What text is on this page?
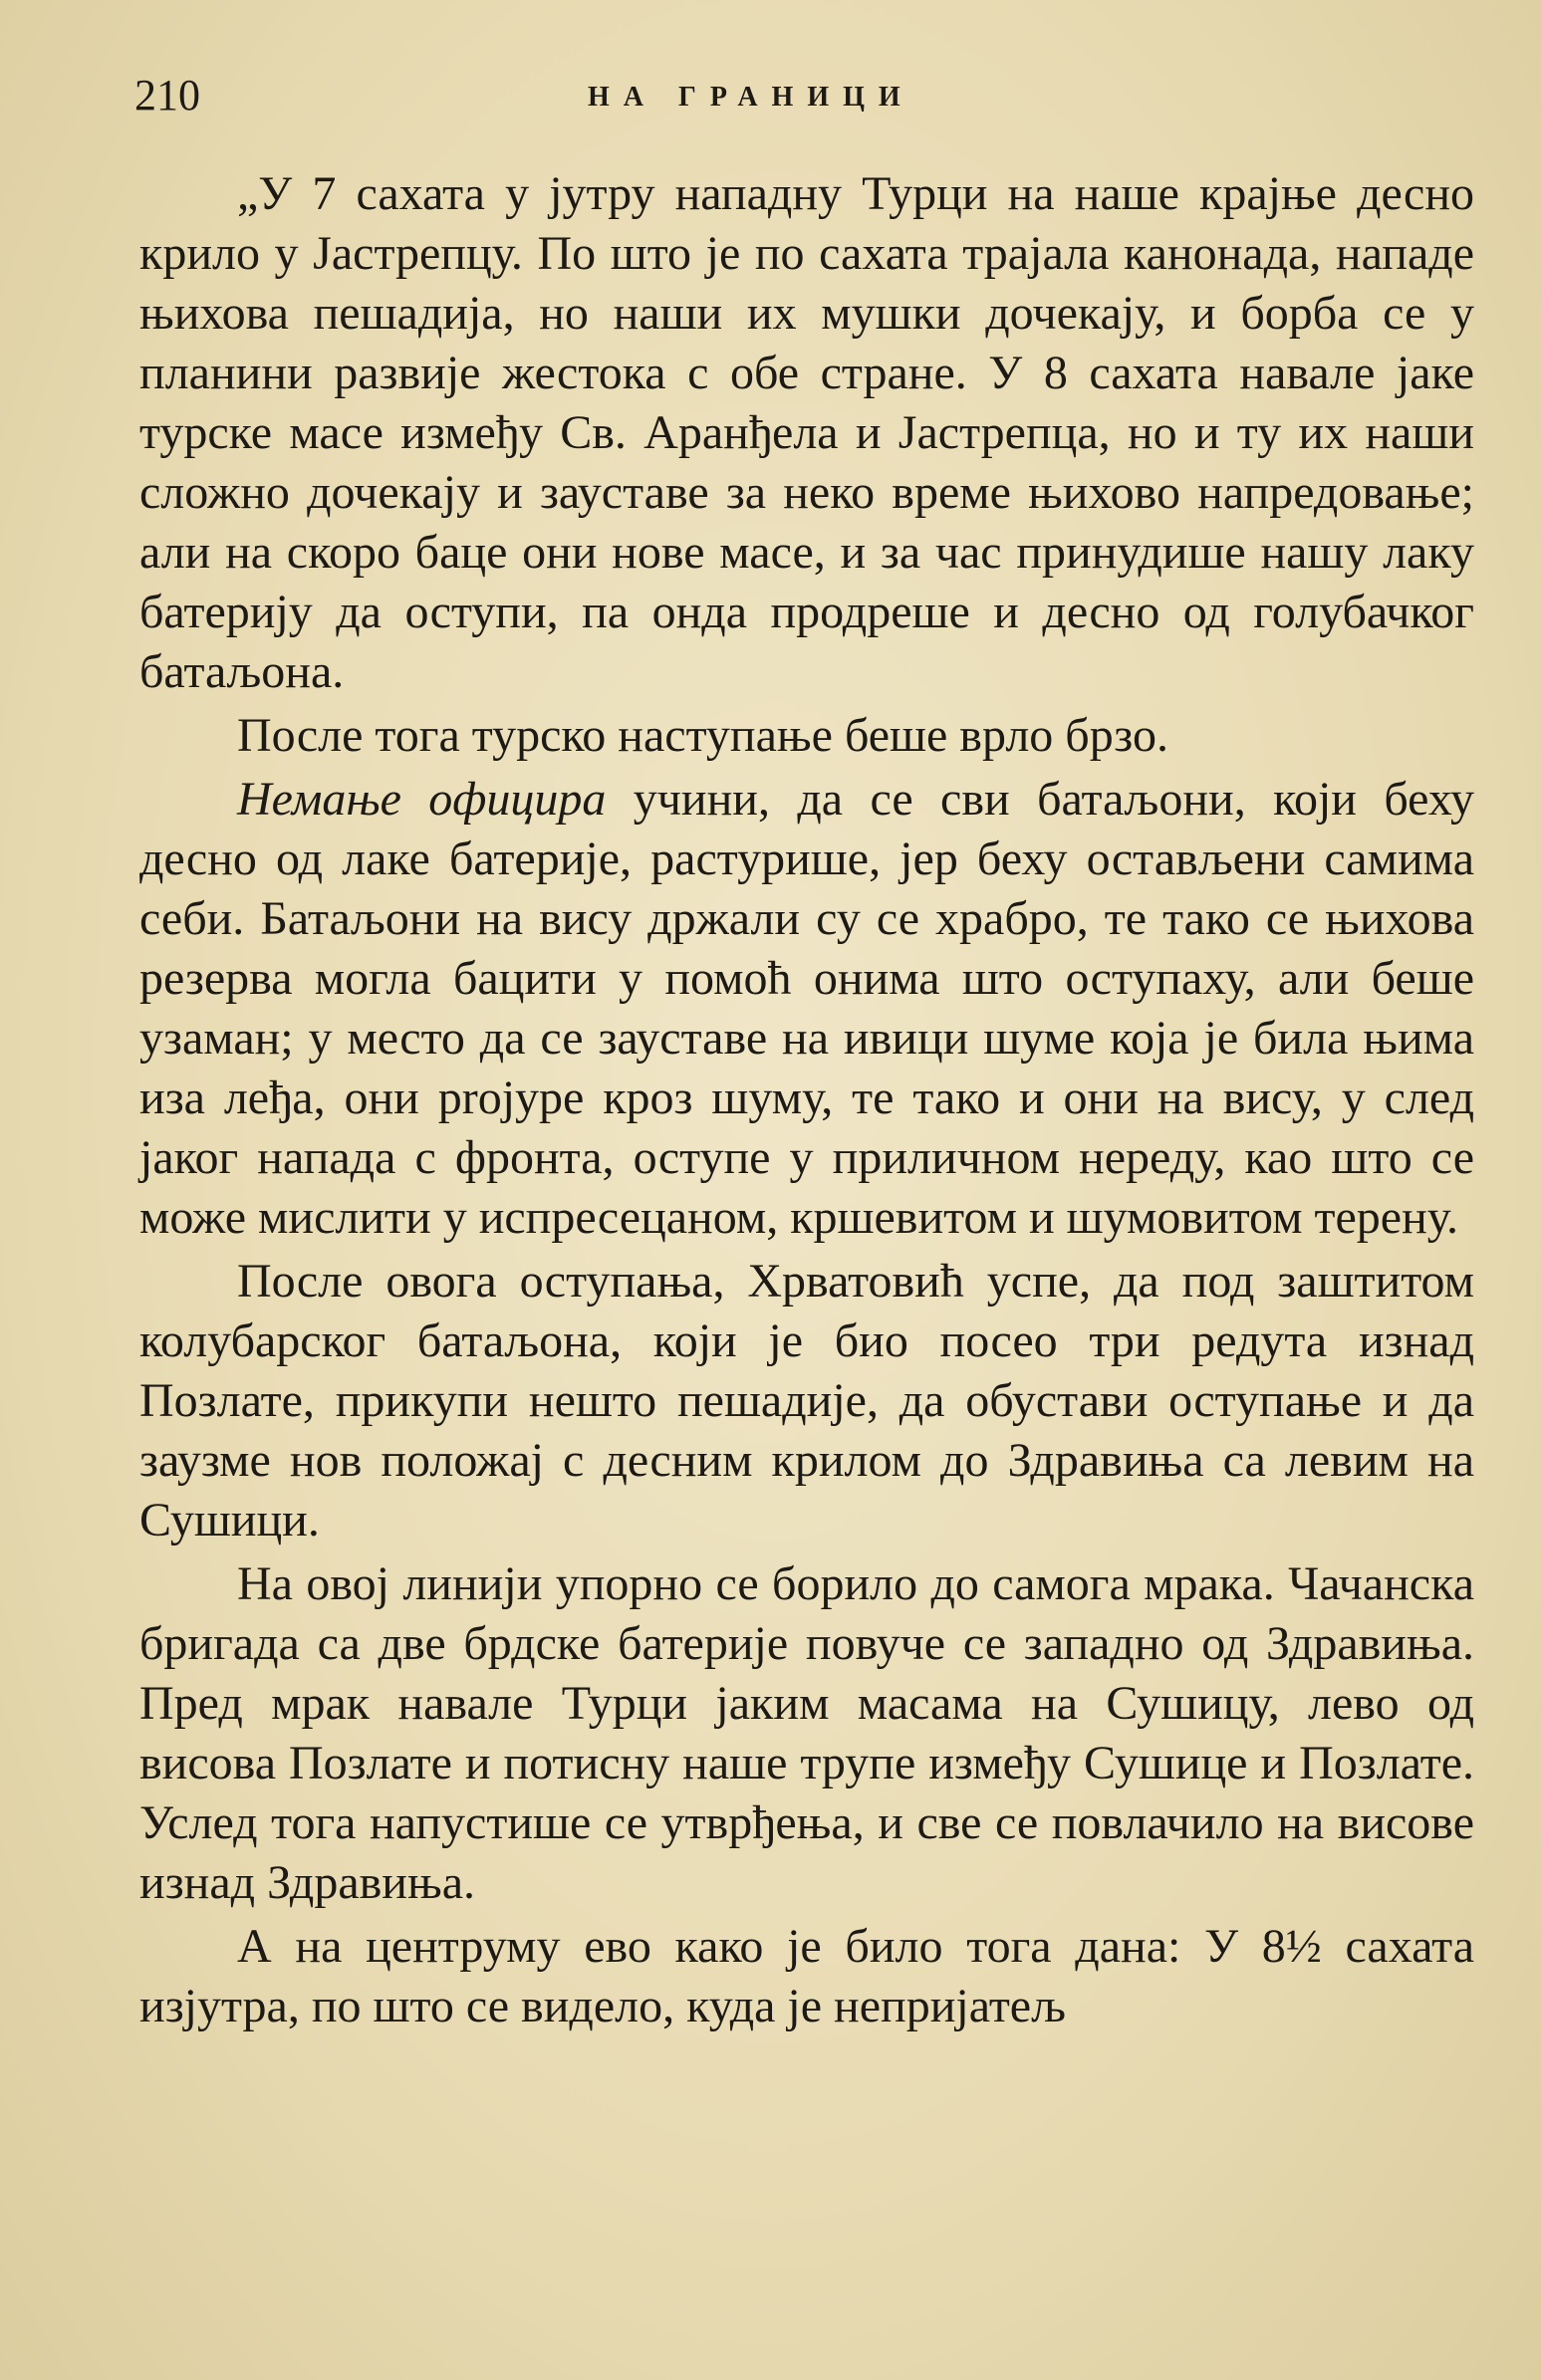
210	НА ГРАНИЦИ

„У 7 сахата у јутру нападну Турци на наше крајње десно крило у Јастрепцу. По што је по сахата трајала канонада, нападе њихова пешадија, но наши их мушки дочекају, и борба се у планини развије жестока с обе стране. У 8 сахата навале јаке турске масе између Св. Аранђела и Јастрепца, но и ту их наши сложно дочекају и зауставе за неко време њихово напредовање; али на скоро баце они нове масе, и за час принудише нашу лаку батерију да оступи, па онда продреше и десно од голубачког батаљона.

После тога турско наступање беше врло брзо.

Немање официра учини, да се сви батаљони, који беху десно од лаке батерије, растурише, јер беху остављени самима себи. Батаљони на вису држали су се храбро, те тако се њихова резерва могла бацити у помоћ онима што оступаху, али беше узаман; у место да се зауставе на ивици шуме која је била њима иза леђа, они projуре кроз шуму, те тако и они на вису, у след јаког напада с фронта, оступе у приличном нереду, као што се може мислити у испресецаном, кршевитом и шумовитом терену.

После овога оступања, Хрватовић успе, да под заштитом колубарског батаљона, који је био посео три редута изнад Позлате, прикупи нешто пешадије, да обустави оступање и да заузме нов положај с десним крилом до Здравиња са левим на Сушици.

На овој линији упорно се борило до самога мрака. Чачанска бригада са две брдске батерије повуче се западно од Здравиња. Пред мрак навале Турци јаким масама на Сушицу, лево од висова Позлате и потисну наше трупе између Сушице и Позлате. Услед тога напустише се утврђења, и све се повлачило на висове изнад Здравиња.

А на центруму ево како је било тога дана: У 8½ сахата изјутра, по што се видело, куда је непријатељ
